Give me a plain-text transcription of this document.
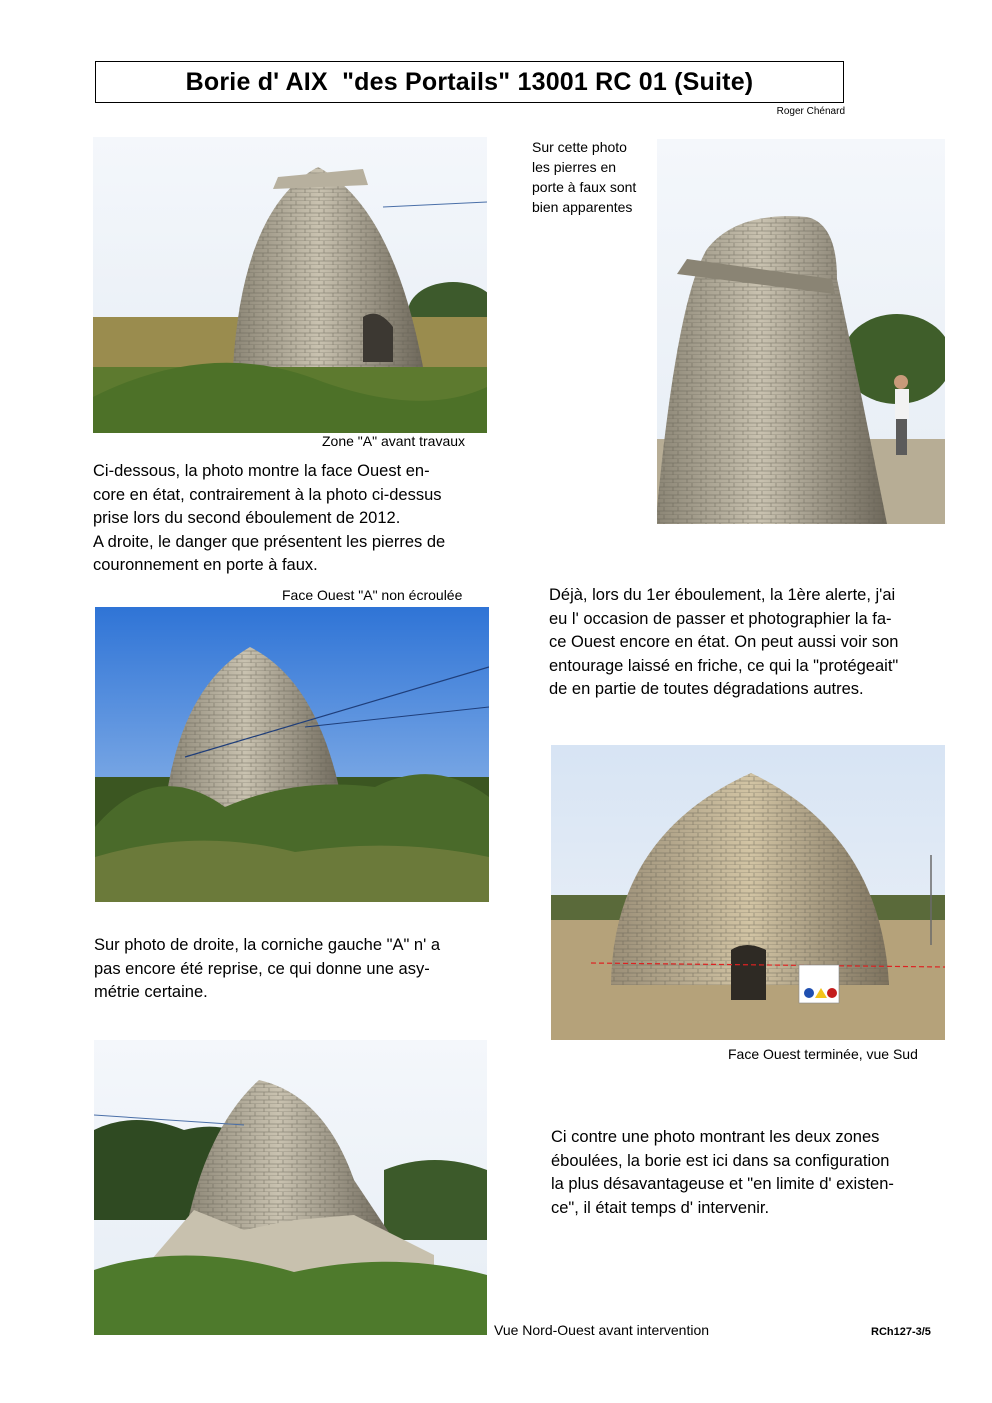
Borie d' AIX  "des Portails" 13001 RC 01 (Suite)
Roger Chénard
Zone "A" avant travaux
Sur cette photo
les pierres en
porte à faux sont
bien apparentes
Ci-dessous, la photo montre la face Ouest en-
core en état, contrairement à la photo ci-dessus
prise lors du second éboulement de 2012.
A droite, le danger que présentent les pierres de
couronnement en porte à faux.
Face Ouest "A" non écroulée	Déjà, lors du 1er éboulement, la 1ère alerte, j'ai
eu l' occasion de passer et photographier la fa-
ce Ouest encore en état. On peut aussi voir son
entourage laissé en friche, ce qui la "protégeait"
de en partie de toutes dégradations autres.
Face Ouest terminée, vue Sud
Sur photo de droite, la corniche gauche "A" n' a
pas encore été reprise, ce qui donne une asy-
métrie certaine.
Ci contre une photo montrant les deux zones
éboulées, la borie est ici dans sa configuration
la plus désavantageuse et "en limite d' existen-
ce", il était temps d' intervenir.
Vue Nord-Ouest avant intervention	RCh127-3/5
